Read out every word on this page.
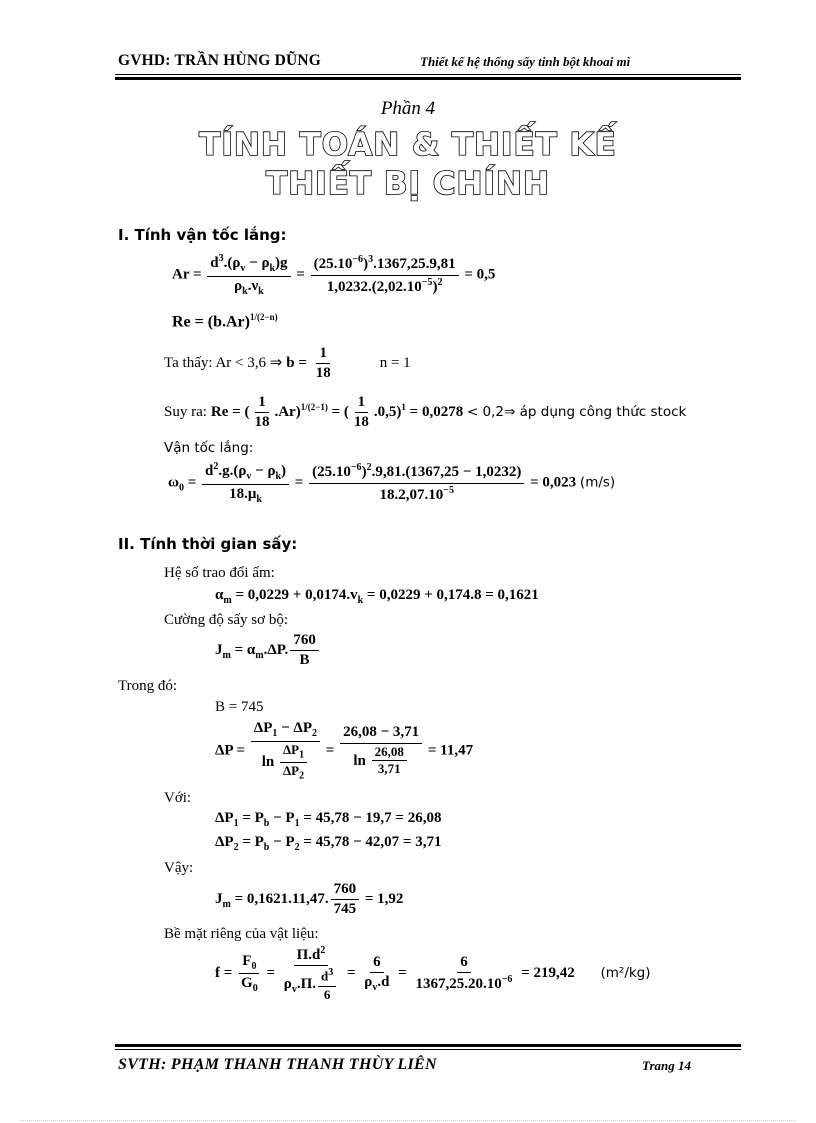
GVHD: TRẦN HÙNG DŨNG	Thiết kế hệ thống sấy tinh bột khoai mì
Phần 4
TÍNH TOÁN & THIẾT KẾ
THIẾT BỊ CHÍNH
I. Tính vận tốc lắng:
$Ar = \frac{d^3.(\rho_v - \rho_k)g}{\rho_k.\nu_k} = \frac{(25.10^{-6})^3.1367,25.9,81}{1,0232.(2,02.10^{-5})^2} = 0,5$
$Re = (b.Ar)^{1/(2-n)}$
Ta thấy: Ar < 3,6 ⇒ $b = \frac{1}{18}$	n = 1
Suy ra: Re = ( $\frac{1}{18} .Ar)^{1/(2-1)}$ = ( $\frac{1}{18} .0,5)^1 = 0,0278$ < 0,2⇒ áp dụng công thức stock
Vận tốc lắng:
$\omega_0 = \frac{d^2.g.(\rho_v - \rho_k)}{18.\mu_k} = \frac{(25.10^{-6})^2.9,81.(1367,25 - 1,0232)}{18.2,07.10^{-5}} = 0,023$ (m/s)
II. Tính thời gian sấy:
Hệ số trao đổi ẩm:
$\alpha_m = 0,0229 + 0,0174.v_k = 0,0229 + 0,174.8 = 0,1621$
Cường độ sấy sơ bộ:
$J_m = \alpha_m.\Delta P$. $\frac{760}{B}$
Trong đó:
B = 745
$\Delta P = \frac{\Delta P_1 - \Delta P_2}{\ln \frac{\Delta P_1}{\Delta P_2}} = \frac{26,08 - 3,71}{\ln \frac{26,08}{3,71}} = 11,47$
Với:
$\Delta P_1 = P_b - P_1 = 45,78 - 19,7 = 26,08$
$\Delta P_2 = P_b - P_2 = 45,78 - 42,07 = 3,71$
Vậy:
$J_m = 0,1621.11,47$. $\frac{760}{745} = 1,92$
Bề mặt riêng của vật liệu:
$f = \frac{F_0}{G_0} = \frac{\Pi.d^2}{\rho_v.\Pi. \frac{d^3}{6}} = \frac{6}{\rho_v.d} = \frac{6}{1367,25.20.10^{-6}} = 219,42$ (m²/kg)
SVTH: PHẠM THANH THANH THÙY LIÊN	Trang 14
